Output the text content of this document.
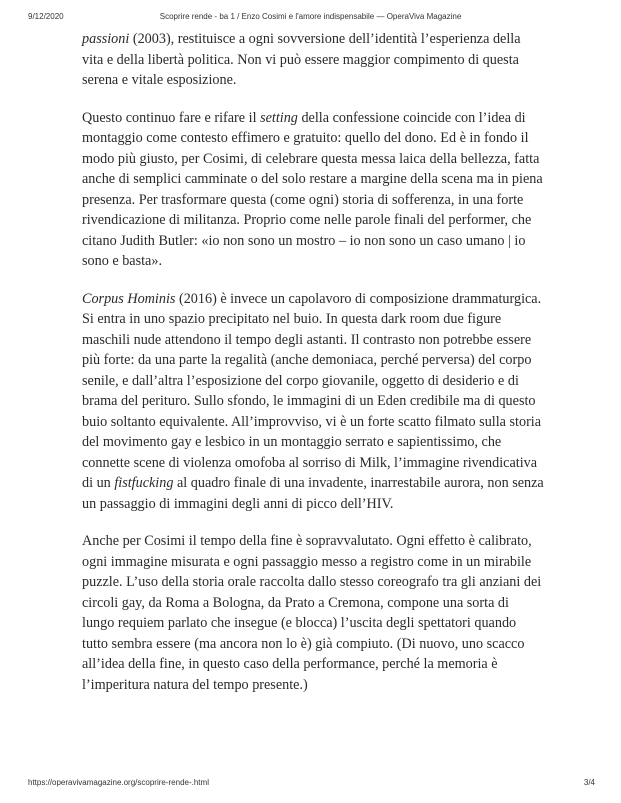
9/12/2020	Scoprire rende - ba 1 / Enzo Cosimi e l'amore indispensabile — OperaViva Magazine

passioni (2003), restituisce a ogni sovversione dell’identità l’esperienza della vita e della libertà politica. Non vi può essere maggior compimento di questa serena e vitale esposizione.

Questo continuo fare e rifare il setting della confessione coincide con l’idea di montaggio come contesto effimero e gratuito: quello del dono. Ed è in fondo il modo più giusto, per Cosimi, di celebrare questa messa laica della bellezza, fatta anche di semplici camminate o del solo restare a margine della scena ma in piena presenza. Per trasformare questa (come ogni) storia di sofferenza, in una forte rivendicazione di militanza. Proprio come nelle parole finali del performer, che citano Judith Butler: «io non sono un mostro – io non sono un caso umano | io sono e basta».

Corpus Hominis (2016) è invece un capolavoro di composizione drammaturgica. Si entra in uno spazio precipitato nel buio. In questa dark room due figure maschili nude attendono il tempo degli astanti. Il contrasto non potrebbe essere più forte: da una parte la regalità (anche demoniaca, perché perversa) del corpo senile, e dall’altra l’esposizione del corpo giovanile, oggetto di desiderio e di brama del periturо. Sullo sfondo, le immagini di un Eden credibile ma di questo buio soltanto equivalente. All’improvviso, vi è un forte scatto filmato sulla storia del movimento gay e lesbico in un montaggio serrato e sapientissimo, che connette scene di violenza omofoba al sorriso di Milk, l’immagine rivendicativa di un fistfucking al quadro finale di una invadente, inarrestabile aurora, non senza un passaggio di immagini degli anni di picco dell’HIV.

Anche per Cosimi il tempo della fine è sopravvalutato. Ogni effetto è calibrato, ogni immagine misurata e ogni passaggio messo a registro come in un mirabile puzzle. L’uso della storia orale raccolta dallo stesso coreografo tra gli anziani dei circoli gay, da Roma a Bologna, da Prato a Cremona, compone una sorta di lungo requiem parlato che insegue (e blocca) l’uscita degli spettatori quando tutto sembra essere (ma ancora non lo è) già compiuto. (Di nuovo, uno scacco all’idea della fine, in questo caso della performance, perché la memoria è l’imperitura natura del tempo presente.)

https://operavivamagazine.org/scoprire-rende-.html	3/4
